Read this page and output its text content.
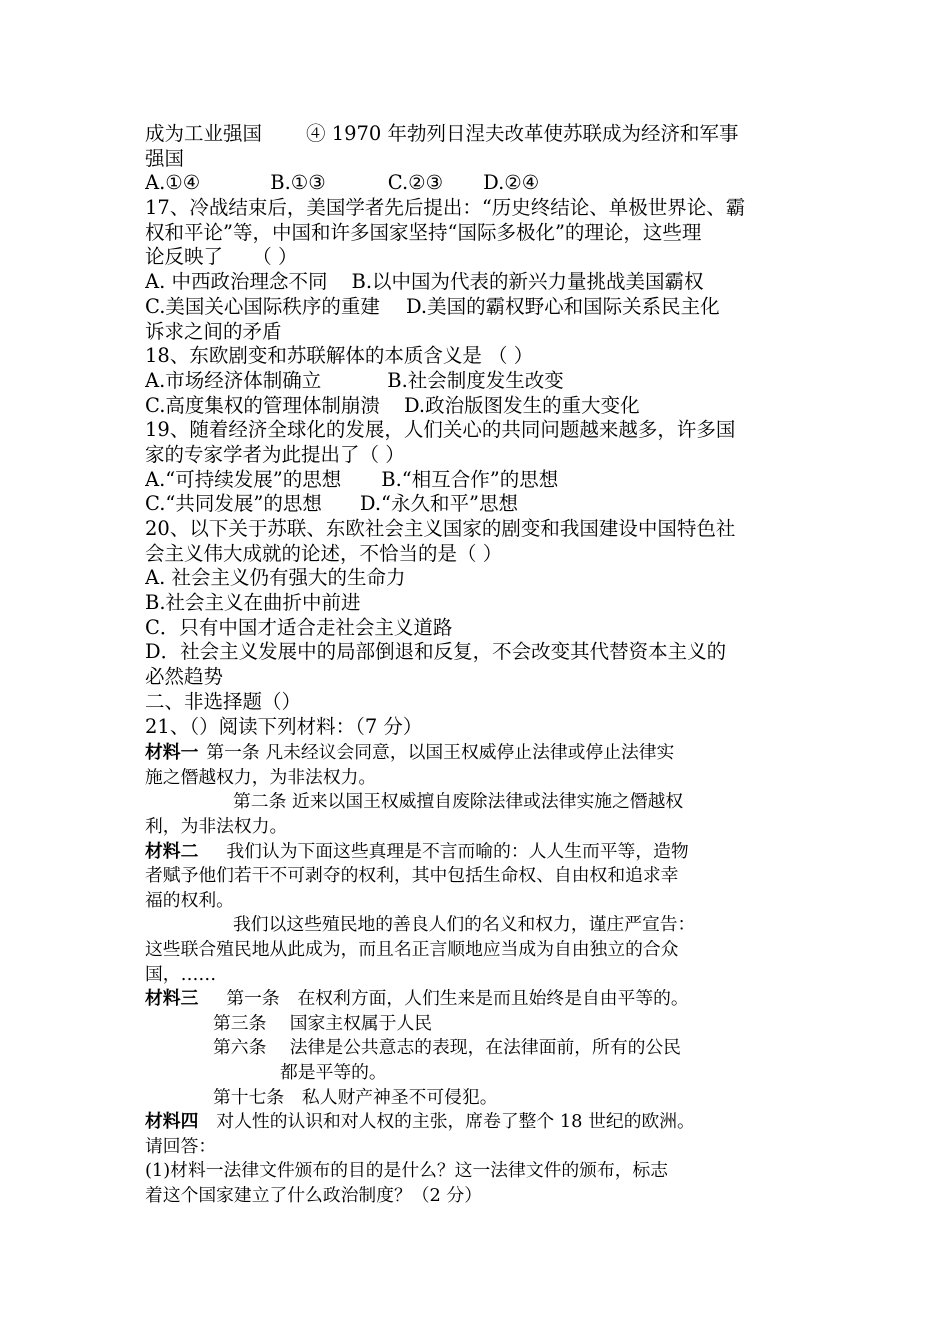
成为工业强国 ④ 1970 年勃列日涅夫改革使苏联成为经济和军事
强国
A.①④	B.①③	C.②③ D.②④
17、冷战结束后，美国学者先后提出：“历史终结论、单极世界论、霸
权和平论”等，中国和许多国家坚持“国际多极化”的理论，这些理
论反映了　　（ ）
A. 中西政治理念不同 B.以中国为代表的新兴力量挑战美国霸权
C.美国关心国际秩序的重建 D.美国的霸权野心和国际关系民主化
诉求之间的矛盾
18、东欧剧变和苏联解体的本质含义是 （ ）
A.市场经济体制确立	B.社会制度发生改变
C.高度集权的管理体制崩溃 D.政治版图发生的重大变化
19、随着经济全球化的发展，人们关心的共同问题越来越多，许多国
家的专家学者为此提出了（ ）
A.“可持续发展”的思想 B.“相互合作”的思想
C.“共同发展”的思想 D.“永久和平”思想
20、以下关于苏联、东欧社会主义国家的剧变和我国建设中国特色社
会主义伟大成就的论述，不恰当的是（ ）
A. 社会主义仍有强大的生命力
B.社会主义在曲折中前进
C．只有中国才适合走社会主义道路
D．社会主义发展中的局部倒退和反复，不会改变其代替资本主义的
必然趋势
二、非选择题（）
21、（）阅读下列材料：（7 分）
材料一 第一条 凡未经议会同意，以国王权威停止法律或停止法律实
施之僭越权力，为非法权力。
第二条 近来以国王权威擅自废除法律或法律实施之僭越权
利，为非法权力。
材料二 我们认为下面这些真理是不言而喻的：人人生而平等，造物
者赋予他们若干不可剥夺的权利，其中包括生命权、自由权和追求幸
福的权利。
我们以这些殖民地的善良人们的名义和权力，谨庄严宣告：
这些联合殖民地从此成为，而且名正言顺地应当成为自由独立的合众
国，……
材料三 第一条　在权利方面，人们生来是而且始终是自由平等的。
第三条　 国家主权属于人民
第六条　 法律是公共意志的表现，在法律面前，所有的公民
都是平等的。
第十七条　私人财产神圣不可侵犯。
材料四 对人性的认识和对人权的主张，席卷了整个 18 世纪的欧洲。
请回答：
(1)材料一法律文件颁布的目的是什么？这一法律文件的颁布，标志
着这个国家建立了什么政治制度？（2 分）
